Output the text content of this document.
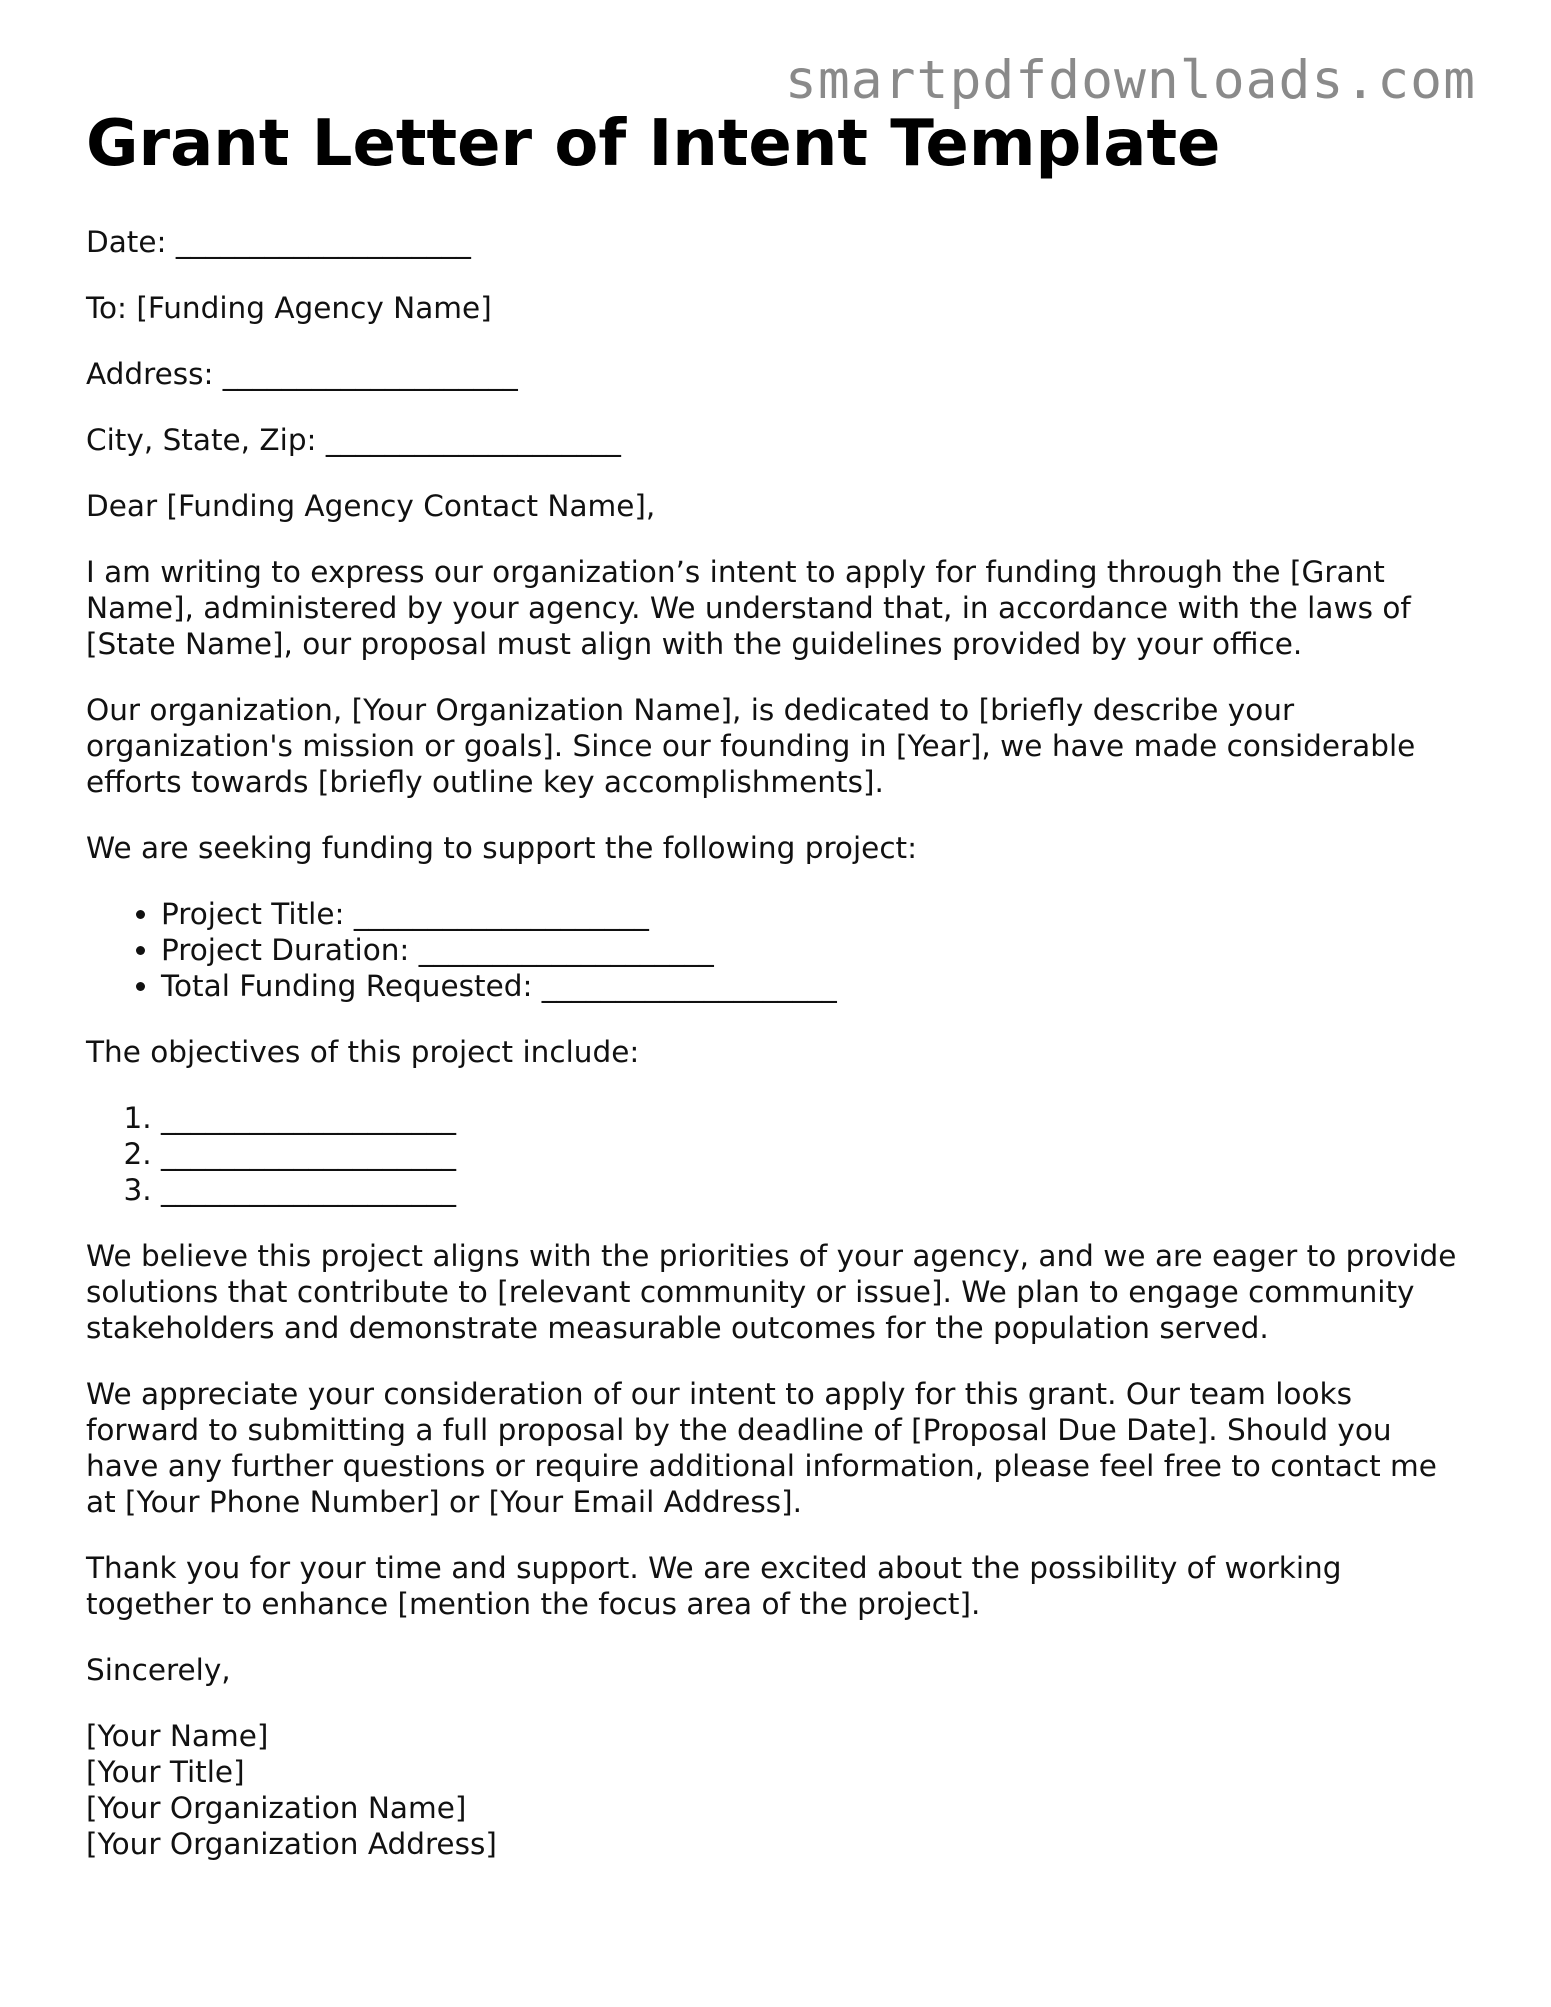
smartpdfdownloads.com
Grant Letter of Intent Template

Date: ____________________

To: [Funding Agency Name]

Address: ____________________

City, State, Zip: ____________________

Dear [Funding Agency Contact Name],

I am writing to express our organization’s intent to apply for funding through the [Grant Name], administered by your agency. We understand that, in accordance with the laws of [State Name], our proposal must align with the guidelines provided by your office.

Our organization, [Your Organization Name], is dedicated to [briefly describe your organization's mission or goals]. Since our founding in [Year], we have made considerable efforts towards [briefly outline key accomplishments].

We are seeking funding to support the following project:

• Project Title: ____________________
• Project Duration: ____________________
• Total Funding Requested: ____________________

The objectives of this project include:

1. ____________________
2. ____________________
3. ____________________

We believe this project aligns with the priorities of your agency, and we are eager to provide solutions that contribute to [relevant community or issue]. We plan to engage community stakeholders and demonstrate measurable outcomes for the population served.

We appreciate your consideration of our intent to apply for this grant. Our team looks forward to submitting a full proposal by the deadline of [Proposal Due Date]. Should you have any further questions or require additional information, please feel free to contact me at [Your Phone Number] or [Your Email Address].

Thank you for your time and support. We are excited about the possibility of working together to enhance [mention the focus area of the project].

Sincerely,

[Your Name]
[Your Title]
[Your Organization Name]
[Your Organization Address]
